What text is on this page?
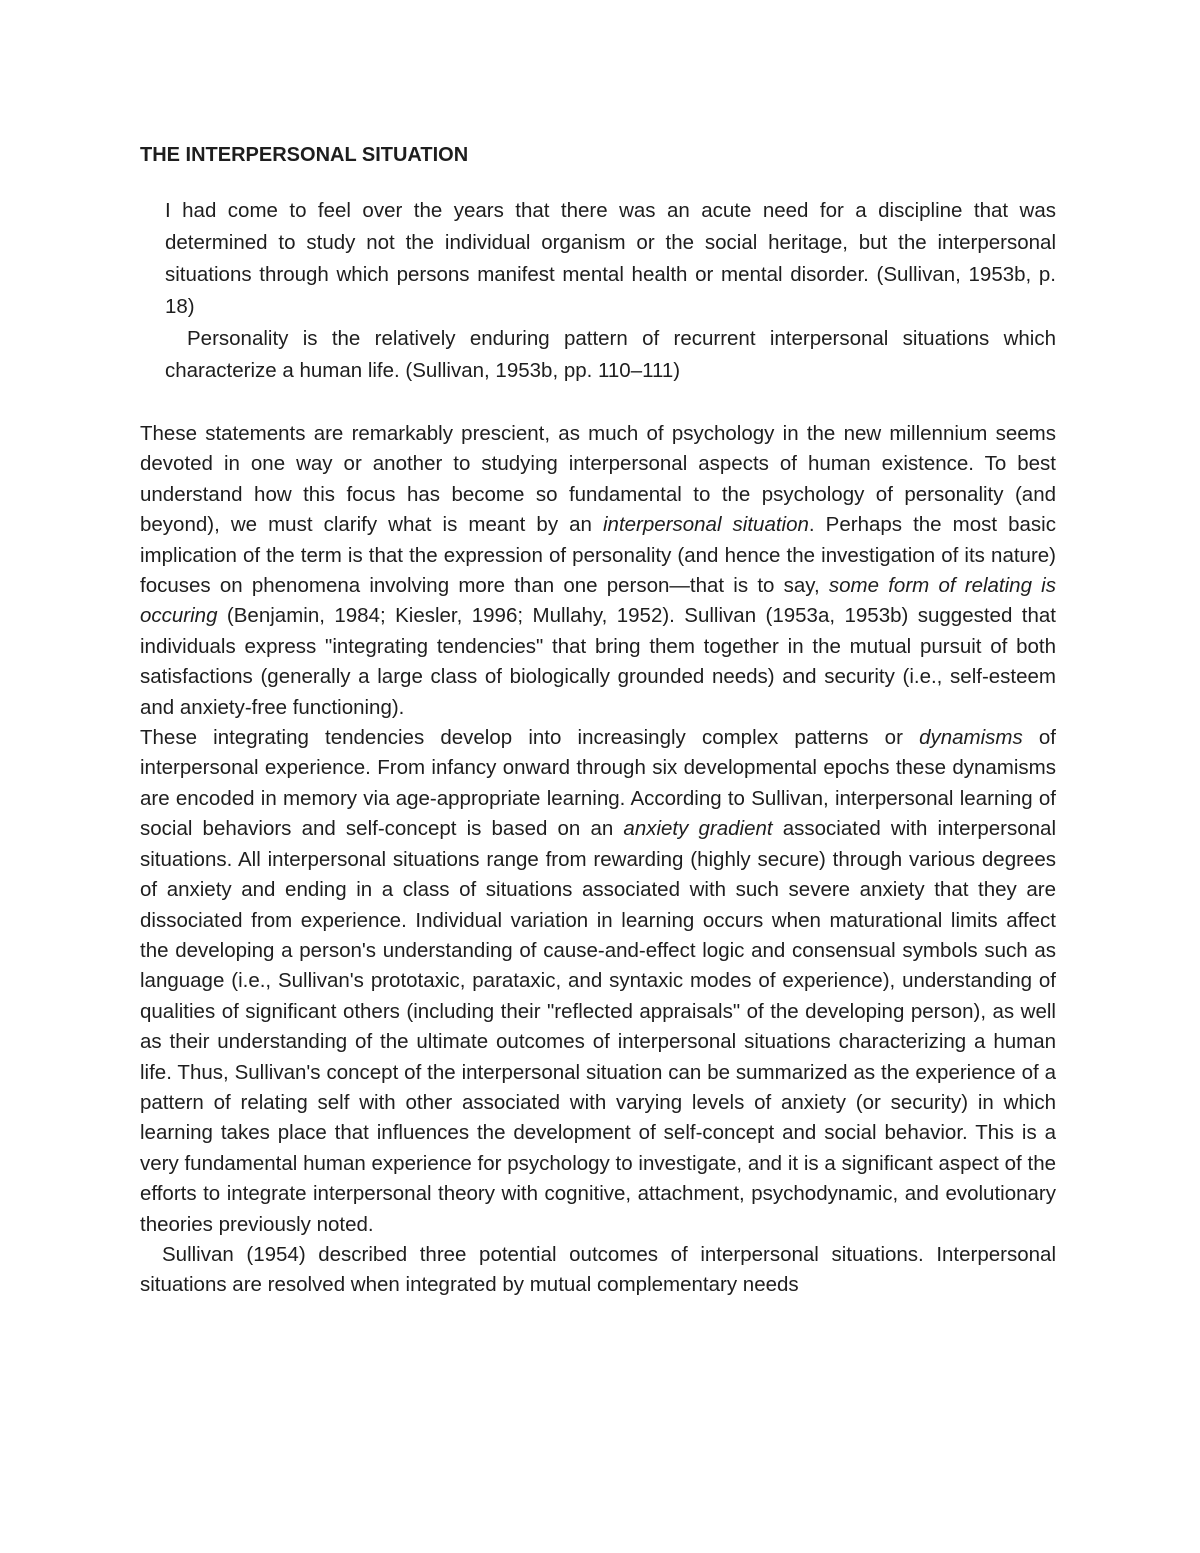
THE INTERPERSONAL SITUATION

I had come to feel over the years that there was an acute need for a discipline that was determined to study not the individual organism or the social heritage, but the interpersonal situations through which persons manifest mental health or mental disorder. (Sullivan, 1953b, p. 18)

Personality is the relatively enduring pattern of recurrent interpersonal situations which characterize a human life. (Sullivan, 1953b, pp. 110–111)

These statements are remarkably prescient, as much of psychology in the new millennium seems devoted in one way or another to studying interpersonal aspects of human existence. To best understand how this focus has become so fundamental to the psychology of personality (and beyond), we must clarify what is meant by an interpersonal situation. Perhaps the most basic implication of the term is that the expression of personality (and hence the investigation of its nature) focuses on phenomena involving more than one person—that is to say, some form of relating is occuring (Benjamin, 1984; Kiesler, 1996; Mullahy, 1952). Sullivan (1953a, 1953b) suggested that individuals express "integrating tendencies" that bring them together in the mutual pursuit of both satisfactions (generally a large class of biologically grounded needs) and security (i.e., self-esteem and anxiety-free functioning).

These integrating tendencies develop into increasingly complex patterns or dynamisms of interpersonal experience. From infancy onward through six developmental epochs these dynamisms are encoded in memory via age-appropriate learning. According to Sullivan, interpersonal learning of social behaviors and self-concept is based on an anxiety gradient associated with interpersonal situations. All interpersonal situations range from rewarding (highly secure) through various degrees of anxiety and ending in a class of situations associated with such severe anxiety that they are dissociated from experience. Individual variation in learning occurs when maturational limits affect the developing a person's understanding of cause-and-effect logic and consensual symbols such as language (i.e., Sullivan's prototaxic, parataxic, and syntaxic modes of experience), understanding of qualities of significant others (including their "reflected appraisals" of the developing person), as well as their understanding of the ultimate outcomes of interpersonal situations characterizing a human life. Thus, Sullivan's concept of the interpersonal situation can be summarized as the experience of a pattern of relating self with other associated with varying levels of anxiety (or security) in which learning takes place that influences the development of self-concept and social behavior. This is a very fundamental human experience for psychology to investigate, and it is a significant aspect of the efforts to integrate interpersonal theory with cognitive, attachment, psychodynamic, and evolutionary theories previously noted.

Sullivan (1954) described three potential outcomes of interpersonal situations. Interpersonal situations are resolved when integrated by mutual complementary needs
